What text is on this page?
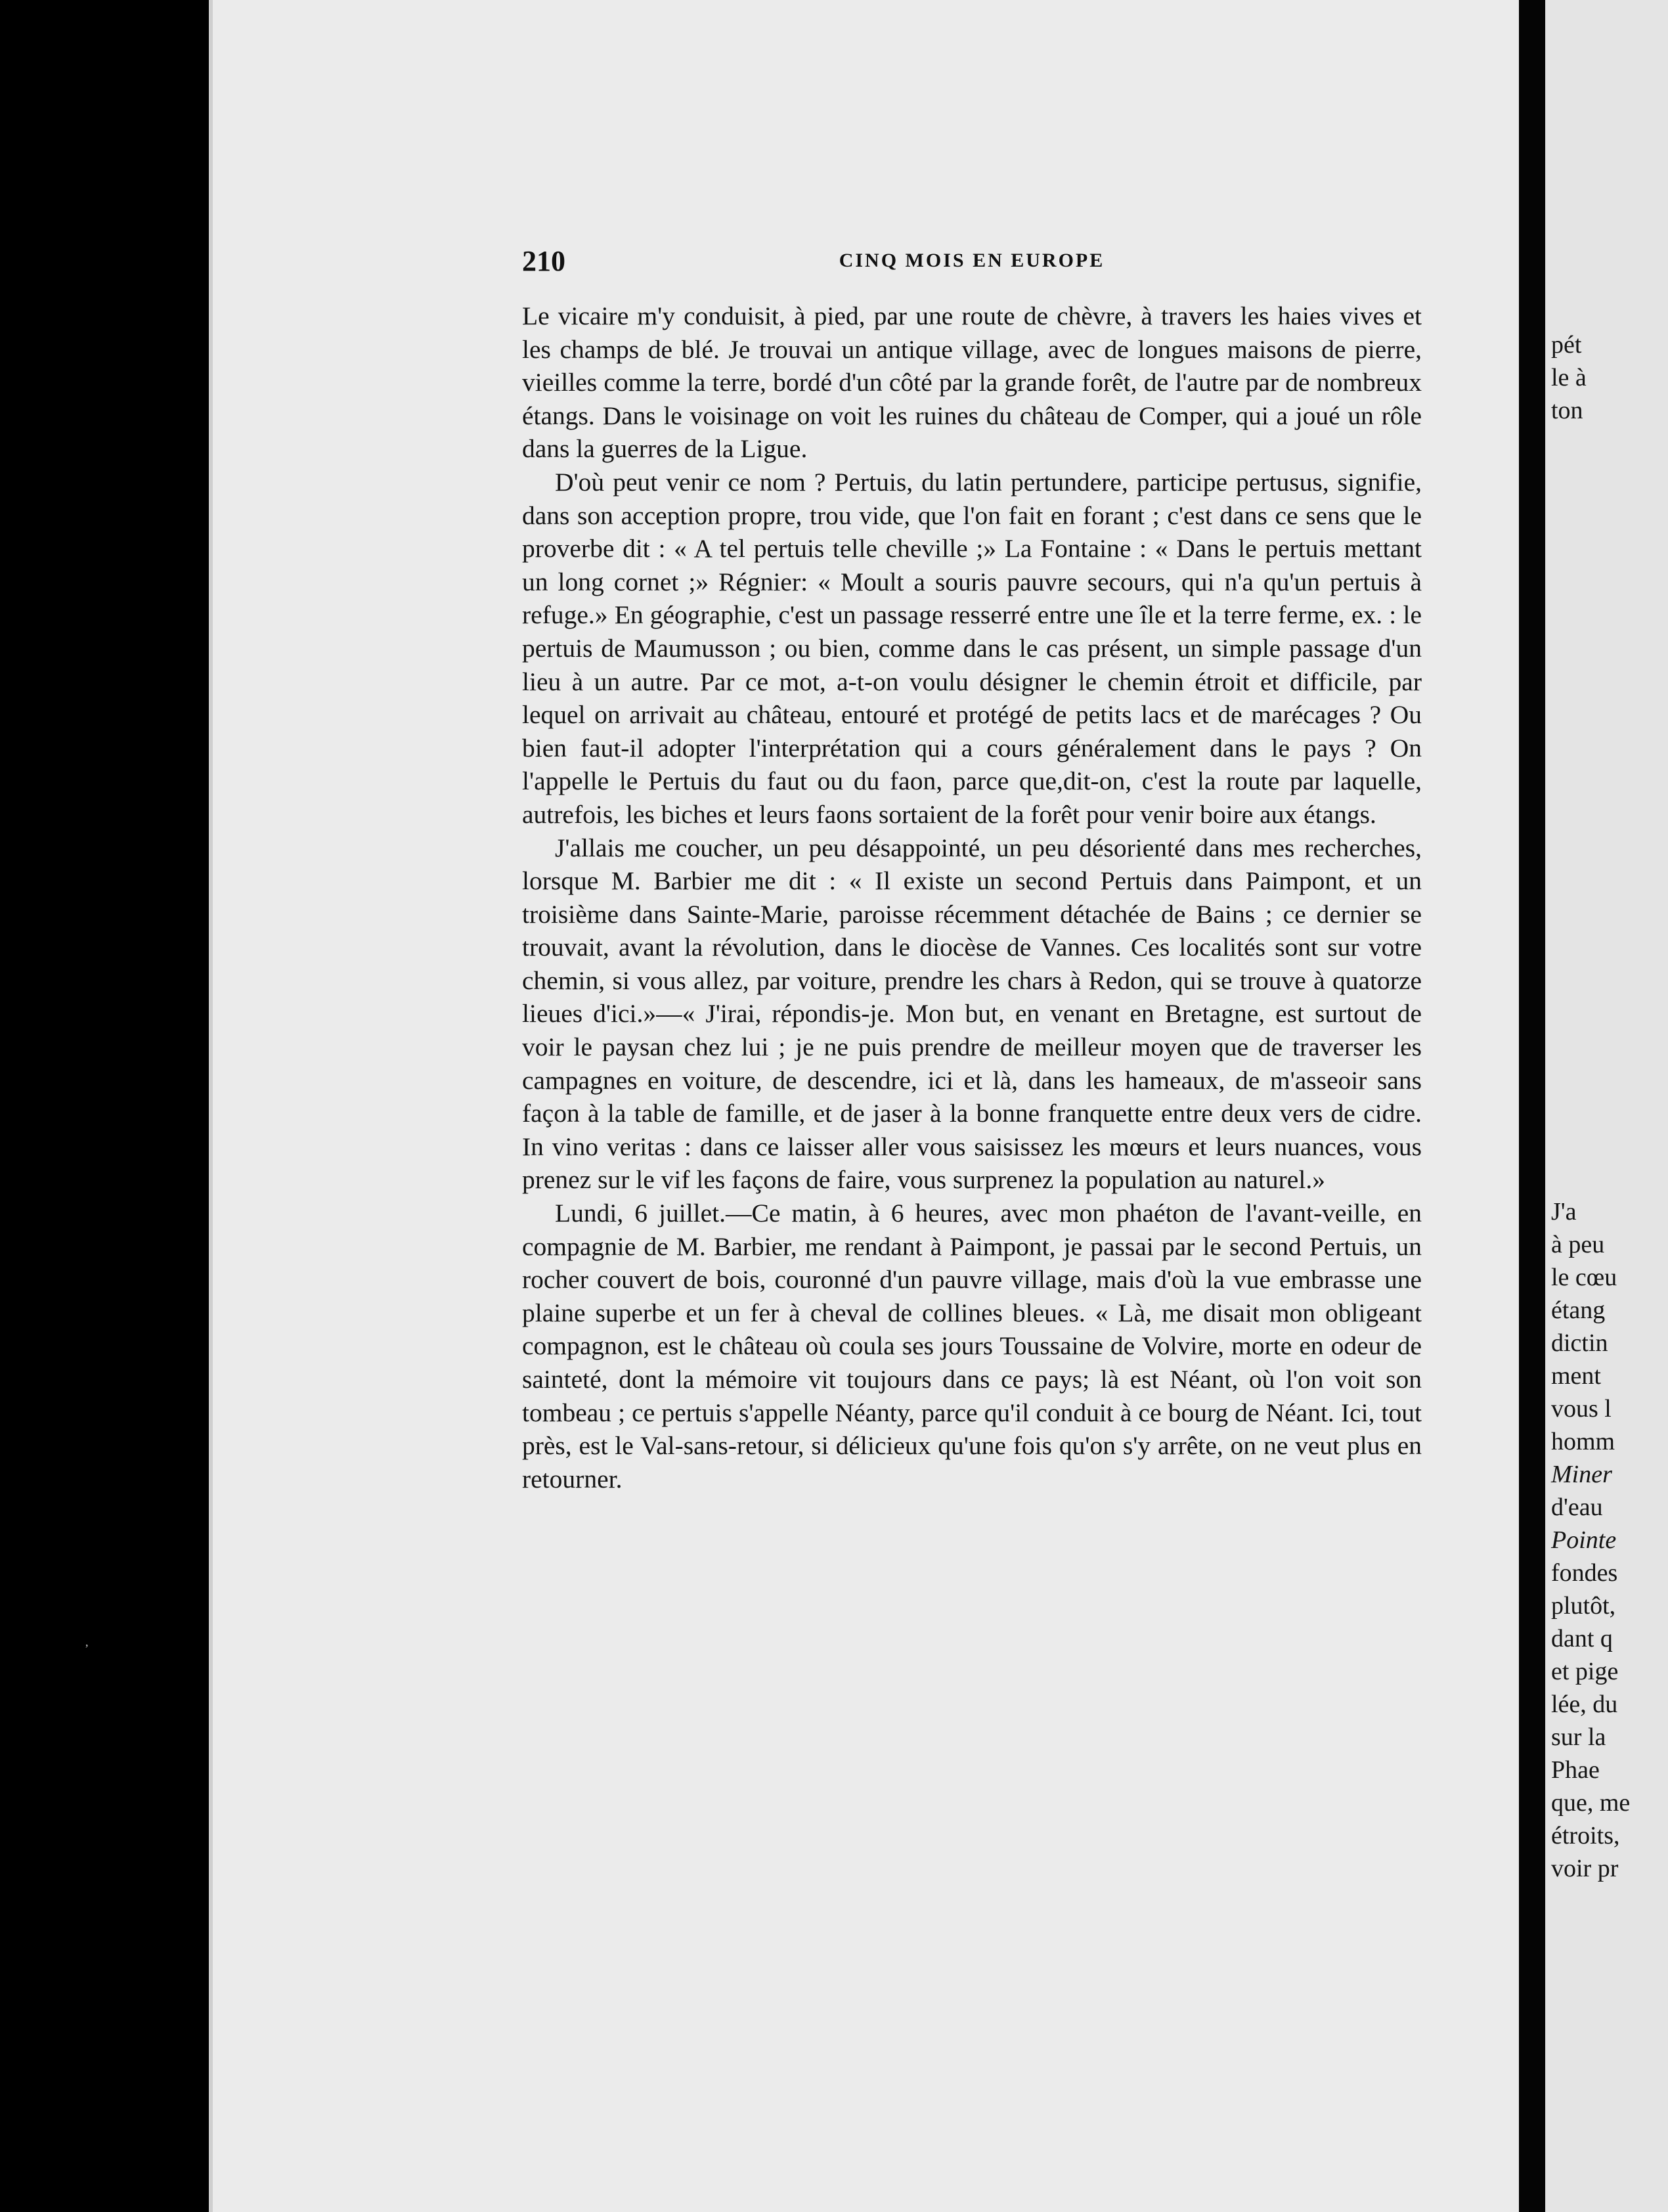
,
210	CINQ MOIS EN EUROPE

Le vicaire m'y conduisit, à pied, par une route de chèvre, à travers les haies vives et les champs de blé. Je trouvai un antique village, avec de longues maisons de pierre, vieilles comme la terre, bordé d'un côté par la grande forêt, de l'autre par de nombreux étangs. Dans le voisinage on voit les ruines du château de Comper, qui a joué un rôle dans la guerres de la Ligue.

D'où peut venir ce nom ? Pertuis, du latin pertundere, participe pertusus, signifie, dans son acception propre, trou vide, que l'on fait en forant ; c'est dans ce sens que le proverbe dit : « A tel pertuis telle cheville ;» La Fontaine : « Dans le pertuis mettant un long cornet ;» Régnier: « Moult a souris pauvre secours, qui n'a qu'un pertuis à refuge.» En géographie, c'est un passage resserré entre une île et la terre ferme, ex. : le pertuis de Maumusson ; ou bien, comme dans le cas présent, un simple passage d'un lieu à un autre. Par ce mot, a-t-on voulu désigner le chemin étroit et difficile, par lequel on arrivait au château, entouré et protégé de petits lacs et de marécages ? Ou bien faut-il adopter l'interprétation qui a cours généralement dans le pays ? On l'appelle le Pertuis du faut ou du faon, parce que,dit-on, c'est la route par laquelle, autrefois, les biches et leurs faons sortaient de la forêt pour venir boire aux étangs.

J'allais me coucher, un peu désappointé, un peu désorienté dans mes recherches, lorsque M. Barbier me dit : « Il existe un second Pertuis dans Paimpont, et un troisième dans Sainte-Marie, paroisse récemment détachée de Bains ; ce dernier se trouvait, avant la révolution, dans le diocèse de Vannes. Ces localités sont sur votre chemin, si vous allez, par voiture, prendre les chars à Redon, qui se trouve à quatorze lieues d'ici.»—« J'irai, répondis-je. Mon but, en venant en Bretagne, est surtout de voir le paysan chez lui ; je ne puis prendre de meilleur moyen que de traverser les campagnes en voiture, de descendre, ici et là, dans les hameaux, de m'asseoir sans façon à la table de famille, et de jaser à la bonne franquette entre deux vers de cidre. In vino veritas : dans ce laisser aller vous saisissez les mœurs et leurs nuances, vous prenez sur le vif les façons de faire, vous surprenez la population au naturel.»

Lundi, 6 juillet.—Ce matin, à 6 heures, avec mon phaéton de l'avant-veille, en compagnie de M. Barbier, me rendant à Paimpont, je passai par le second Pertuis, un rocher couvert de bois, couronné d'un pauvre village, mais d'où la vue embrasse une plaine superbe et un fer à cheval de collines bleues. « Là, me disait mon obligeant compagnon, est le château où coula ses jours Toussaine de Volvire, morte en odeur de sainteté, dont la mémoire vit toujours dans ce pays; là est Néant, où l'on voit son tombeau ; ce pertuis s'appelle Néanty, parce qu'il conduit à ce bourg de Néant. Ici, tout près, est le Val-sans-retour, si délicieux qu'une fois qu'on s'y arrête, on ne veut plus en retourner.

pét
le à
ton
J'a
à peu
le cœu
étang
dictin
ment
vous l
homm
Miner
d'eau
Pointe
fondes
plutôt,
dant q
et pige
lée, du
sur la
Phae
que, me
étroits,
voir pr
